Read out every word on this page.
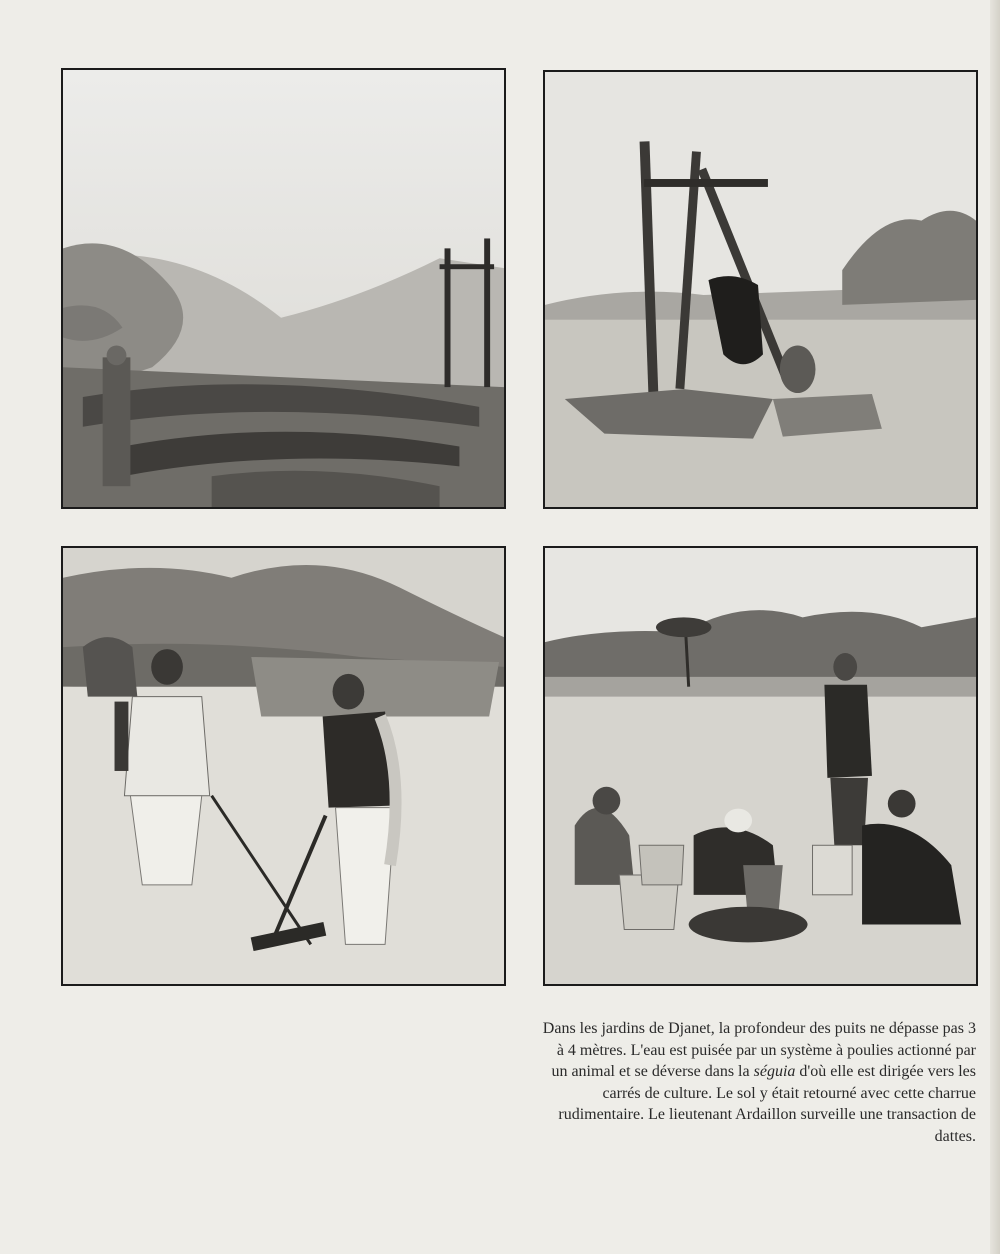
Dans les jardins de Djanet, la profondeur des puits ne dépasse pas 3 à 4 mètres. L'eau est puisée par un système à poulies actionné par un animal et se déverse dans la séguia d'où elle est dirigée vers les carrés de culture. Le sol y était retourné avec cette charrue rudimentaire. Le lieutenant Ardaillon surveille une transaction de dattes.
